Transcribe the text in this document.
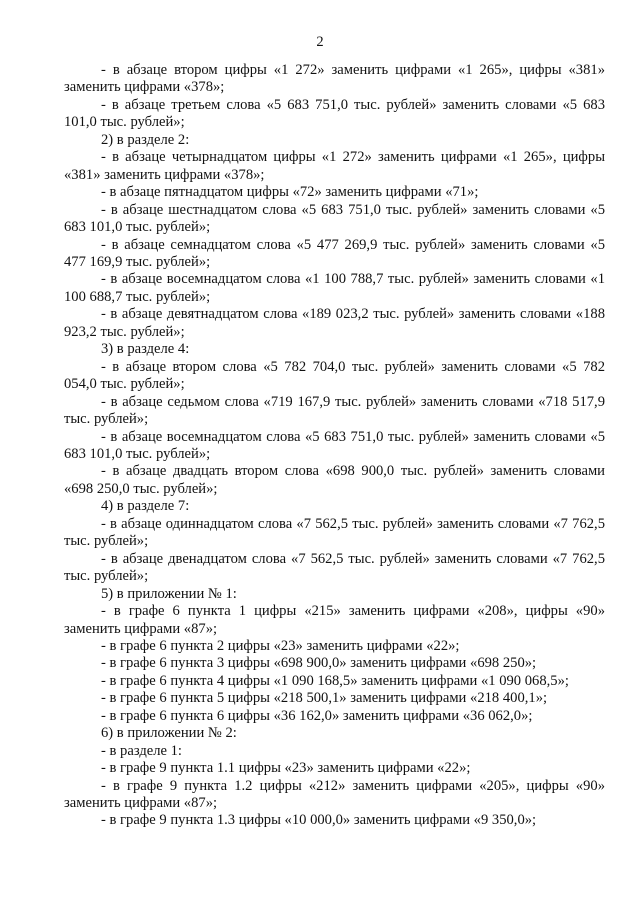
2

- в абзаце втором цифры «1 272» заменить цифрами «1 265», цифры «381» заменить цифрами «378»;

- в абзаце третьем слова «5 683 751,0 тыс. рублей» заменить словами «5 683 101,0 тыс. рублей»;

2) в разделе 2:

- в абзаце четырнадцатом цифры «1 272» заменить цифрами «1 265», цифры «381» заменить цифрами «378»;

- в абзаце пятнадцатом цифры «72» заменить цифрами «71»;

- в абзаце шестнадцатом слова «5 683 751,0 тыс. рублей» заменить словами «5 683 101,0 тыс. рублей»;

- в абзаце семнадцатом слова «5 477 269,9 тыс. рублей» заменить словами «5 477 169,9 тыс. рублей»;

- в абзаце восемнадцатом слова «1 100 788,7 тыс. рублей» заменить словами «1 100 688,7 тыс. рублей»;

- в абзаце девятнадцатом слова «189 023,2 тыс. рублей» заменить словами «188 923,2 тыс. рублей»;

3) в разделе 4:

- в абзаце втором слова «5 782 704,0 тыс. рублей» заменить словами «5 782 054,0 тыс. рублей»;

- в абзаце седьмом слова «719 167,9 тыс. рублей» заменить словами «718 517,9 тыс. рублей»;

- в абзаце восемнадцатом слова «5 683 751,0 тыс. рублей» заменить словами «5 683 101,0 тыс. рублей»;

- в абзаце двадцать втором слова «698 900,0 тыс. рублей» заменить словами «698 250,0 тыс. рублей»;

4) в разделе 7:

- в абзаце одиннадцатом слова «7 562,5 тыс. рублей» заменить словами «7 762,5 тыс. рублей»;

- в абзаце двенадцатом слова «7 562,5 тыс. рублей» заменить словами «7 762,5 тыс. рублей»;

5) в приложении № 1:

- в графе 6 пункта 1 цифры «215» заменить цифрами «208», цифры «90» заменить цифрами «87»;

- в графе 6 пункта 2 цифры «23» заменить цифрами «22»;

- в графе 6 пункта 3 цифры «698 900,0» заменить цифрами «698 250»;

- в графе 6 пункта 4 цифры «1 090 168,5» заменить цифрами «1 090 068,5»;

- в графе 6 пункта 5 цифры «218 500,1» заменить цифрами «218 400,1»;

- в графе 6 пункта 6 цифры «36 162,0» заменить цифрами «36 062,0»;

6) в приложении № 2:

- в разделе 1:

- в графе 9 пункта 1.1 цифры «23» заменить цифрами «22»;

- в графе 9 пункта 1.2 цифры «212» заменить цифрами «205», цифры «90» заменить цифрами «87»;

- в графе 9 пункта 1.3 цифры «10 000,0» заменить цифрами «9 350,0»;
